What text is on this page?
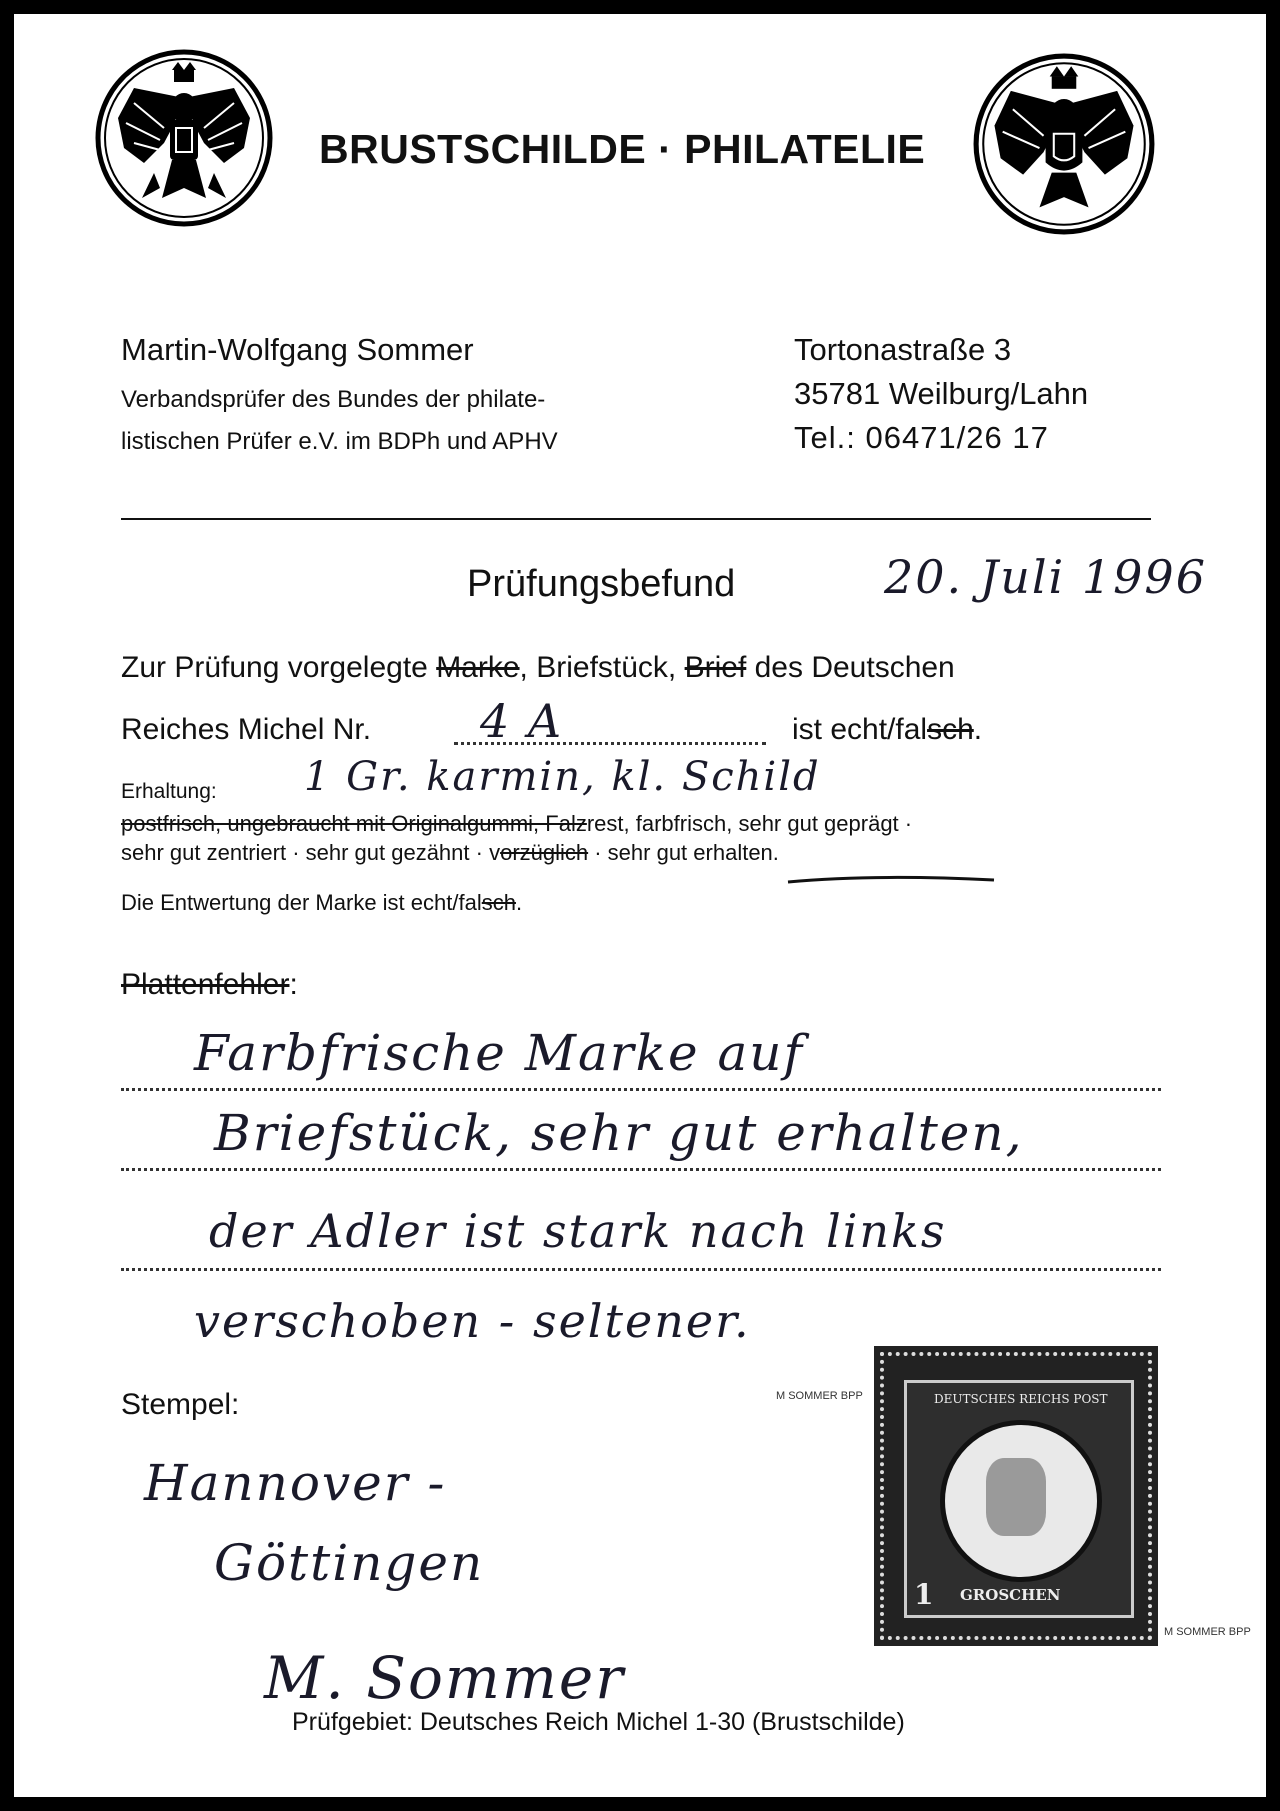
BRUSTSCHILDE · PHILATELIE
Martin-Wolfgang Sommer
Verbandsprüfer des Bundes der philate-
listischen Prüfer e.V. im BDPh und APHV
Tortonastraße 3
35781 Weilburg/Lahn
Tel.: 06471/26 17
Prüfungsbefund	20. Juli 1996
Zur Prüfung vorgelegte Marke, Briefstück, Brief des Deutschen
Reiches Michel Nr. 4 A	ist echt/falsch.
Erhaltung: 1 Gr. karmin, kl. Schild
postfrisch, ungebraucht mit Originalgummi, Falzrest, farbfrisch, sehr gut geprägt ·
sehr gut zentriert · sehr gut gezähnt · vorzüglich · sehr gut erhalten.
Die Entwertung der Marke ist echt/falsch.
Plattenfehler:
Farbfrische Marke auf
Briefstück, sehr gut erhalten,
der Adler ist stark nach links
verschoben - seltener.
Stempel:
Hannover -
Göttingen
M. Sommer
Prüfgebiet: Deutsches Reich Michel 1-30 (Brustschilde)
M SOMMER BPP
M SOMMER BPP
DEUTSCHES REICHS POST
1 GROSCHEN
